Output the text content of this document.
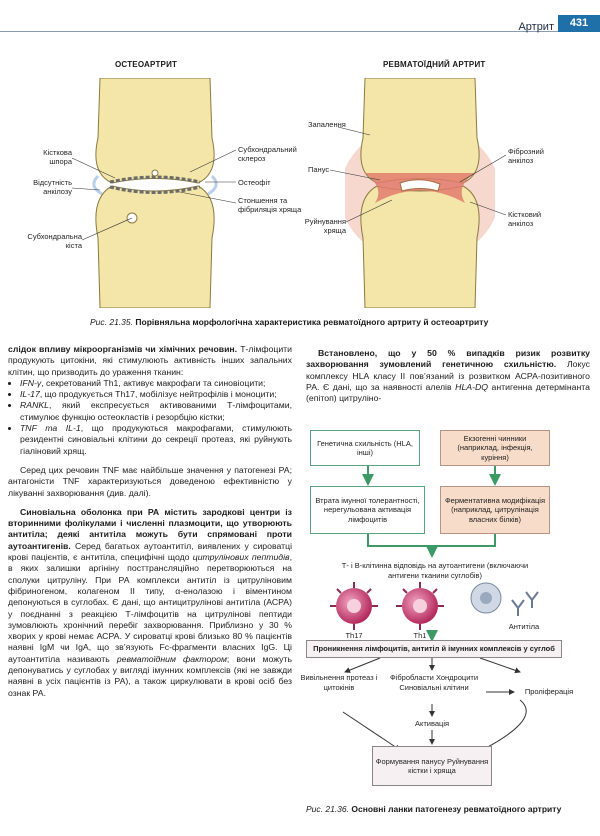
Артрит	431
ОСТЕОАРТРИТ	РЕВМАТОЇДНИЙ АРТРИТ
Кісткова шпора
Відсутність анкілозу
Субхондральна кіста
Субхондральний склероз
Остеофіт
Стоншення та фібриляція хряща
Запалення
Панус
Руйнування хряща
Фіброзний анкілоз
Кістковий анкілоз
Рис. 21.35. Порівняльна морфологічна характеристика ревматоїдного артриту й остеоартриту

слідок впливу мікроорганізмів чи хімічних речовин. Т-лімфоцити продукують цитокіни, які стимулюють активність інших запальних клітин, що призводить до ураження тканин:

• IFN-γ, секретований Th1, активує макрофаги та синовіоцити;
• IL-17, що продукується Th17, мобілізує нейтрофілів і моноцити;
• RANKL, який експресується активованими Т-лімфоцитами, стимулює функцію остеокластів і резорбцію кістки;
• TNF та IL-1, що продукуються макрофагами, стимулюють резидентні синовіальні клітини до секреції протеаз, які руйнують гіаліновий хрящ.

Серед цих речовин TNF має найбільше значення у патогенезі РА; антагоністи TNF характеризуються доведеною ефективністю у лікуванні захворювання (див. далі).

Синовіальна оболонка при РА містить зародкові центри із вторинними фолікулами і численні плазмоцити, що утворюють антитіла; деякі антитіла можуть бути спрямовані проти аутоантигенів. Серед багатьох аутоантитіл, виявлених у сироватці крові пацієнтів, є антитіла, специфічні щодо цитрулінових пептидів, в яких залишки аргініну посттрансляційно перетворюються на сполуки цитруліну. При РА комплекси антитіл із цитруліновим фібриногеном, колагеном II типу, α-енолазою і віментином депонуються в суглобах. Є дані, що антицитрулінові антитіла (АСРА) у поєднанні з реакцією Т-лімфоцитів на цитрулінові пептиди зумовлюють хронічний перебіг захворювання. Приблизно у 30 % хворих у крові немає АСРА. У сироватці крові близько 80 % пацієнтів наявні IgM чи IgA, що зв’язують Fc-фрагменти власних IgG. Ці аутоантитіла називають ревматоїдним фактором; вони можуть депонуватись у суглобах у вигляді імунних комплексів (які не завжди наявні в усіх пацієнтів із РА), а також циркулювати в крові осіб без ознак РА.

Встановлено, що у 50 % випадків ризик розвитку захворювання зумовлений генетичною схильністю. Локус комплексу HLA класу II пов’язаний із розвитком АСРА-позитивного РА. Є дані, що за наявності алелів HLA-DQ антигенна детермінанта (епітоп) цитруліно-

Генетична схильність (HLA, інші)
Екзогенні чинники (наприклад, інфекція, куріння)
Втрата імунної толерантності, нерегульована активація лімфоцитів
Ферментативна модифікація (наприклад, цитрулінація власних білків)
Т- і В-клітинна відповідь на аутоантигени (включаючи антигени тканини суглобів)
Th17	Th1
Антитіла
Проникнення лімфоцитів, антитіл й імунних комплексів у суглоб
Вивільнення протеаз і цитокінів
Фібробласти Хондроцити Синовіальні клітини	Проліферація
Активація
Формування панусу Руйнування кістки і хряща
Рис. 21.36. Основні ланки патогенезу ревматоїдного артриту
